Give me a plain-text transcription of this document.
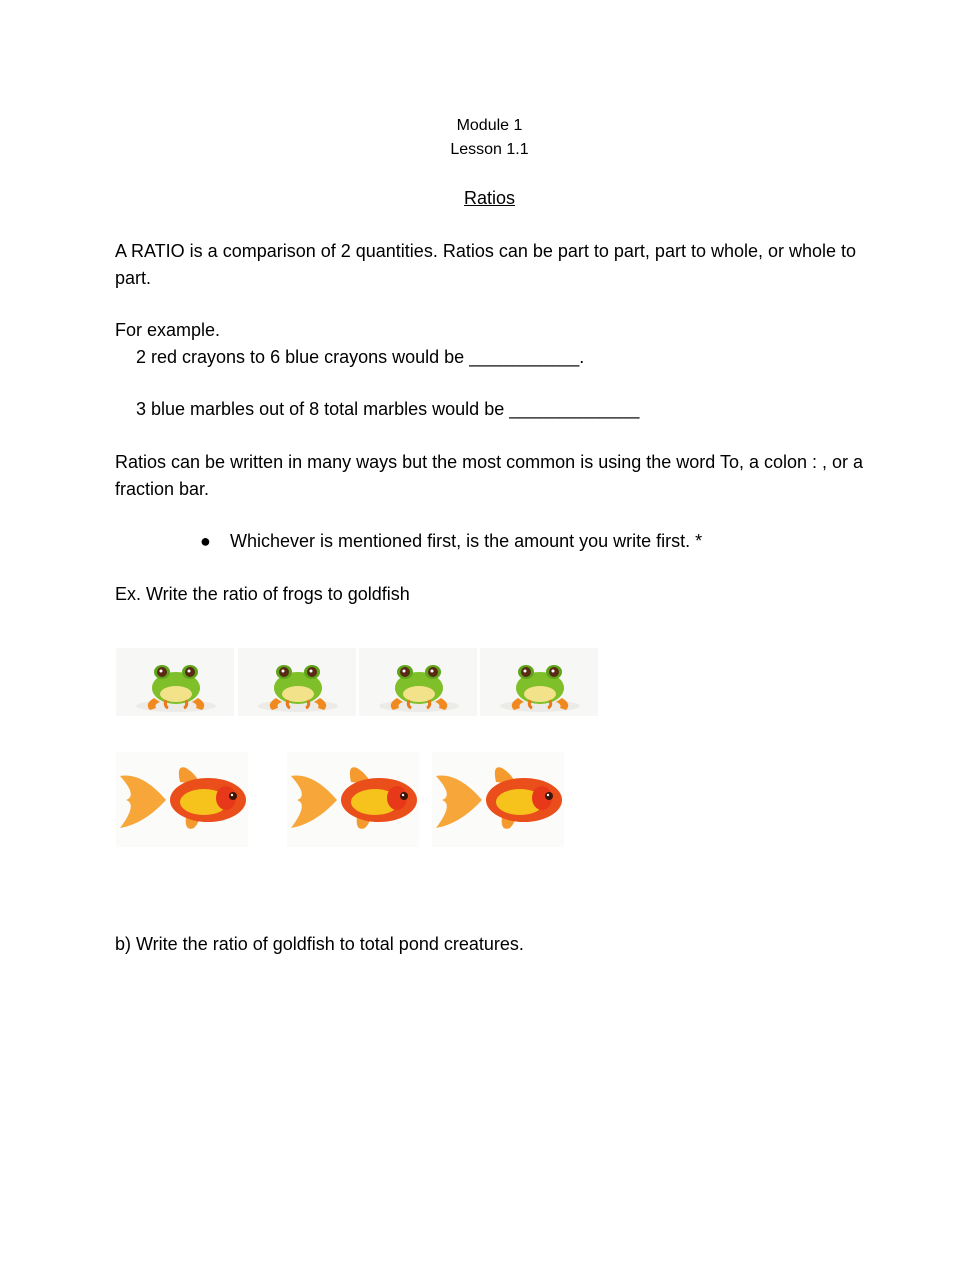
Module 1
Lesson 1.1
Ratios
A RATIO is a comparison of 2 quantities. Ratios can be part to part, part to whole, or whole to part.
For example.
2 red crayons to 6 blue crayons would be ___________.
3 blue marbles out of 8 total marbles would be _____________
Ratios can be written in many ways but the most common is using the word To, a colon : , or a fraction bar.
● Whichever is mentioned first, is the amount you write first. *
Ex. Write the ratio of frogs to goldfish
b) Write the ratio of goldfish to total pond creatures.
